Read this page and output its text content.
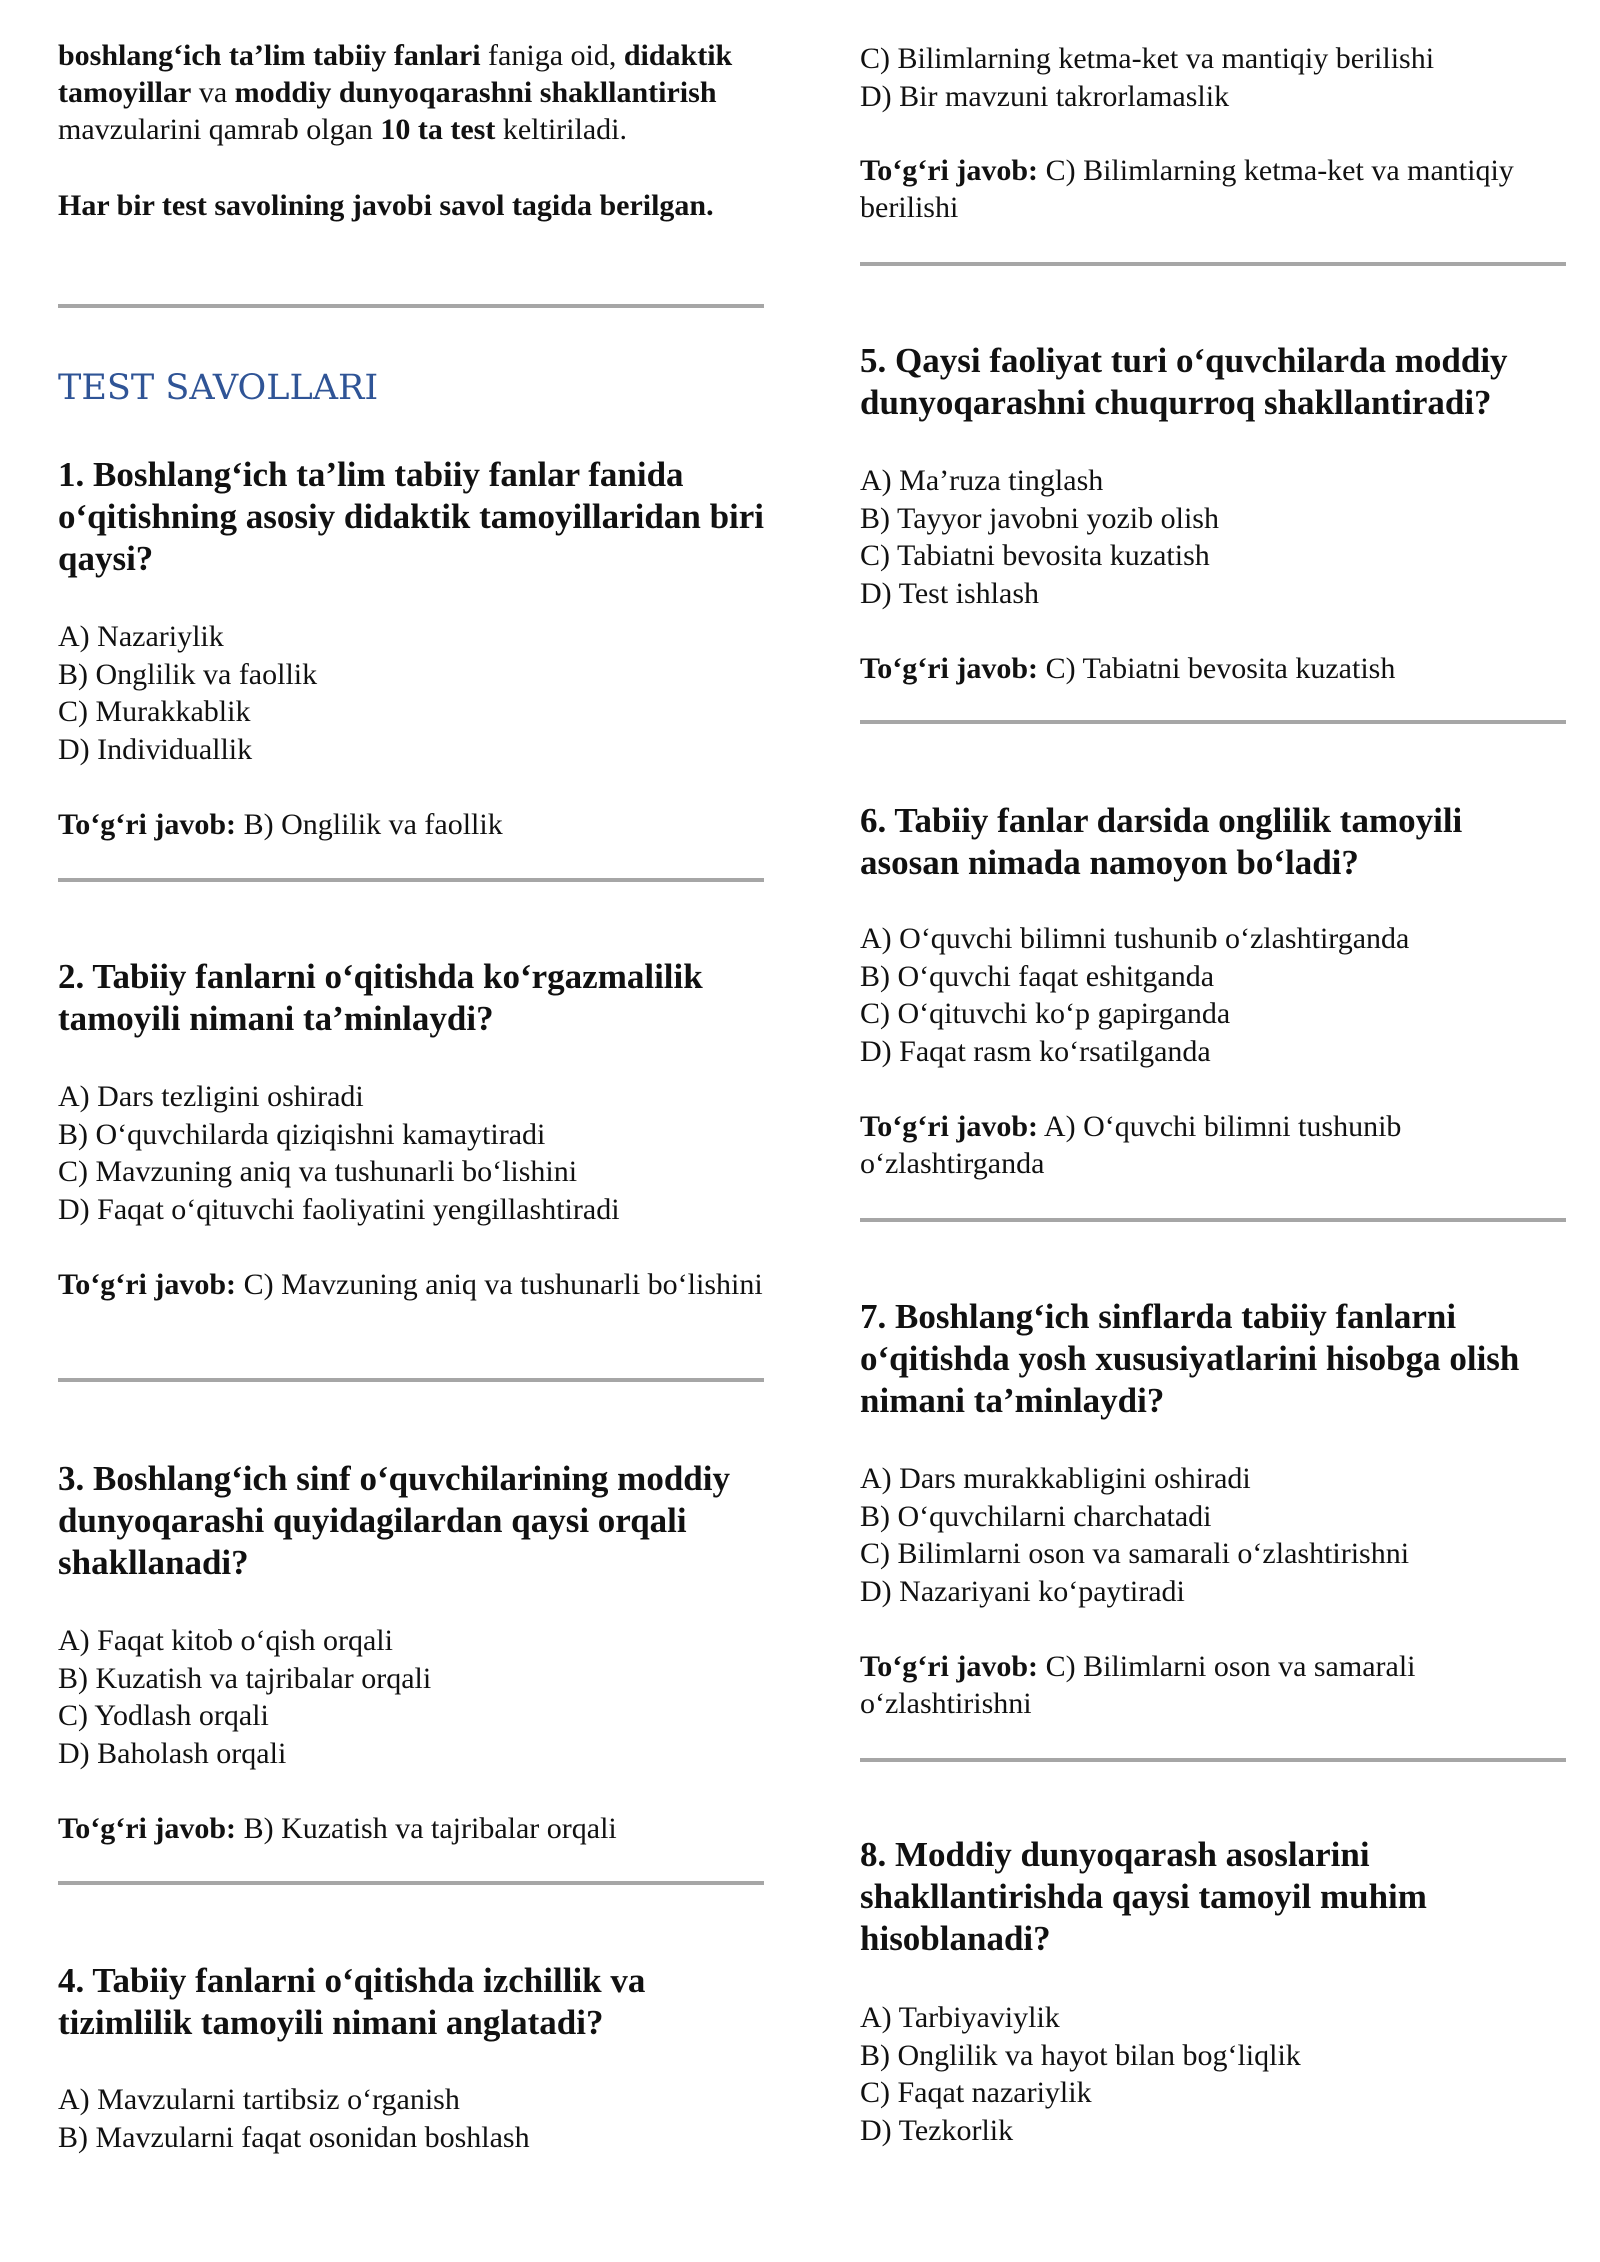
boshlang‘ich ta’lim tabiiy fanlari faniga oid, didaktik tamoyillar va moddiy dunyoqarashni shakllantirish mavzularini qamrab olgan 10 ta test keltiriladi.
Har bir test savolining javobi savol tagida berilgan.
TEST SAVOLLARI

1. Boshlang‘ich ta’lim tabiiy fanlar fanida o‘qitishning asosiy didaktik tamoyillaridan biri qaysi?

A) Nazariylik
B) Onglilik va faollik
C) Murakkablik
D) Individuallik
To‘g‘ri javob: B) Onglilik va faollik

2. Tabiiy fanlarni o‘qitishda ko‘rgazmalilik tamoyili nimani ta’minlaydi?

A) Dars tezligini oshiradi
B) O‘quvchilarda qiziqishni kamaytiradi
C) Mavzuning aniq va tushunarli bo‘lishini
D) Faqat o‘qituvchi faoliyatini yengillashtiradi
To‘g‘ri javob: C) Mavzuning aniq va tushunarli bo‘lishini

3. Boshlang‘ich sinf o‘quvchilarining moddiy dunyoqarashi quyidagilardan qaysi orqali shakllanadi?

A) Faqat kitob o‘qish orqali
B) Kuzatish va tajribalar orqali
C) Yodlash orqali
D) Baholash orqali
To‘g‘ri javob: B) Kuzatish va tajribalar orqali

4. Tabiiy fanlarni o‘qitishda izchillik va tizimlilik tamoyili nimani anglatadi?

A) Mavzularni tartibsiz o‘rganish
B) Mavzularni faqat osonidan boshlash
C) Bilimlarning ketma-ket va mantiqiy berilishi
D) Bir mavzuni takrorlamaslik
To‘g‘ri javob: C) Bilimlarning ketma-ket va mantiqiy berilishi

5. Qaysi faoliyat turi o‘quvchilarda moddiy dunyoqarashni chuqurroq shakllantiradi?

A) Ma’ruza tinglash
B) Tayyor javobni yozib olish
C) Tabiatni bevosita kuzatish
D) Test ishlash
To‘g‘ri javob: C) Tabiatni bevosita kuzatish

6. Tabiiy fanlar darsida onglilik tamoyili asosan nimada namoyon bo‘ladi?

A) O‘quvchi bilimni tushunib o‘zlashtirganda
B) O‘quvchi faqat eshitganda
C) O‘qituvchi ko‘p gapirganda
D) Faqat rasm ko‘rsatilganda
To‘g‘ri javob: A) O‘quvchi bilimni tushunib o‘zlashtirganda

7. Boshlang‘ich sinflarda tabiiy fanlarni o‘qitishda yosh xususiyatlarini hisobga olish nimani ta’minlaydi?

A) Dars murakkabligini oshiradi
B) O‘quvchilarni charchatadi
C) Bilimlarni oson va samarali o‘zlashtirishni
D) Nazariyani ko‘paytiradi
To‘g‘ri javob: C) Bilimlarni oson va samarali o‘zlashtirishni

8. Moddiy dunyoqarash asoslarini shakllantirishda qaysi tamoyil muhim hisoblanadi?

A) Tarbiyaviylik
B) Onglilik va hayot bilan bog‘liqlik
C) Faqat nazariylik
D) Tezkorlik
